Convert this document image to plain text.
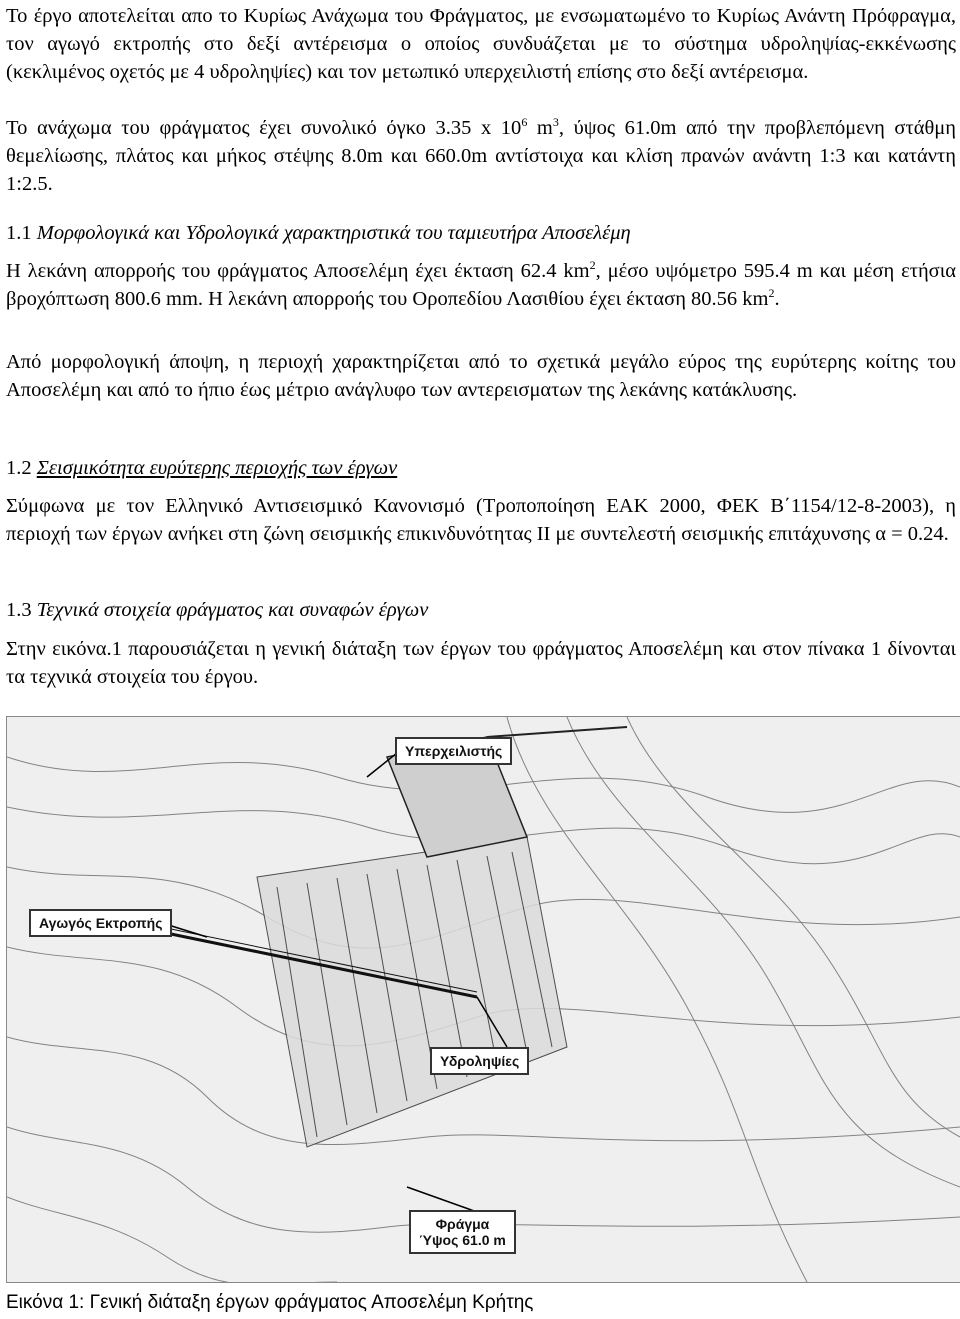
Το έργο αποτελείται απο το Κυρίως Ανάχωμα του Φράγματος, με ενσωματωμένο το Κυρίως Ανάντη Πρόφραγμα, τον αγωγό εκτροπής στο δεξί αντέρεισμα ο οποίος συνδυάζεται με το σύστημα υδροληψίας-εκκένωσης (κεκλιμένος οχετός με 4 υδροληψίες) και τον μετωπικό υπερχειλιστή επίσης στο δεξί αντέρεισμα.

Το ανάχωμα του φράγματος έχει συνολικό όγκο 3.35 x $10^6$ $m^3$, ύψος 61.0m από την προβλεπόμενη στάθμη θεμελίωσης, πλάτος και μήκος στέψης 8.0m και 660.0m αντίστοιχα και κλίση πρανών ανάντη 1:3 και κατάντη 1:2.5.

1.1 Μορφολογικά και Υδρολογικά χαρακτηριστικά του ταμιευτήρα Αποσελέμη

Η λεκάνη απορροής του φράγματος Αποσελέμη έχει έκταση 62.4 $km^2$, μέσο υψόμετρο 595.4 m και μέση ετήσια βροχόπτωση 800.6 mm. Η λεκάνη απορροής του Οροπεδίου Λασιθίου έχει έκταση 80.56 $km^2$.

Από μορφολογική άποψη, η περιοχή χαρακτηρίζεται από το σχετικά μεγάλο εύρος της ευρύτερης κοίτης του Αποσελέμη και από το ήπιο έως μέτριο ανάγλυφο των αντερεισματων της λεκάνης κατάκλυσης.

1.2 Σεισμικότητα ευρύτερης περιοχής των έργων

Σύμφωνα με τον Ελληνικό Αντισεισμικό Κανονισμό (Τροποποίηση ΕΑΚ 2000, ΦΕΚ Β΄1154/12-8-2003), η περιοχή των έργων ανήκει στη ζώνη σεισμικής επικινδυνότητας ΙΙ με συντελεστή σεισμικής επιτάχυνσης α = 0.24.

1.3 Τεχνικά στοιχεία φράγματος και συναφών έργων

Στην εικόνα.1 παρουσιάζεται η γενική διάταξη των έργων του φράγματος Αποσελέμη και στον πίνακα 1 δίνονται τα τεχνικά στοιχεία του έργου.

Υπερχειλιστής
Αγωγός Εκτροπής
Υδροληψίες
Φράγμα
Ύψος 61.0 m
Εικόνα 1: Γενική διάταξη έργων φράγματος Αποσελέμη Κρήτης
